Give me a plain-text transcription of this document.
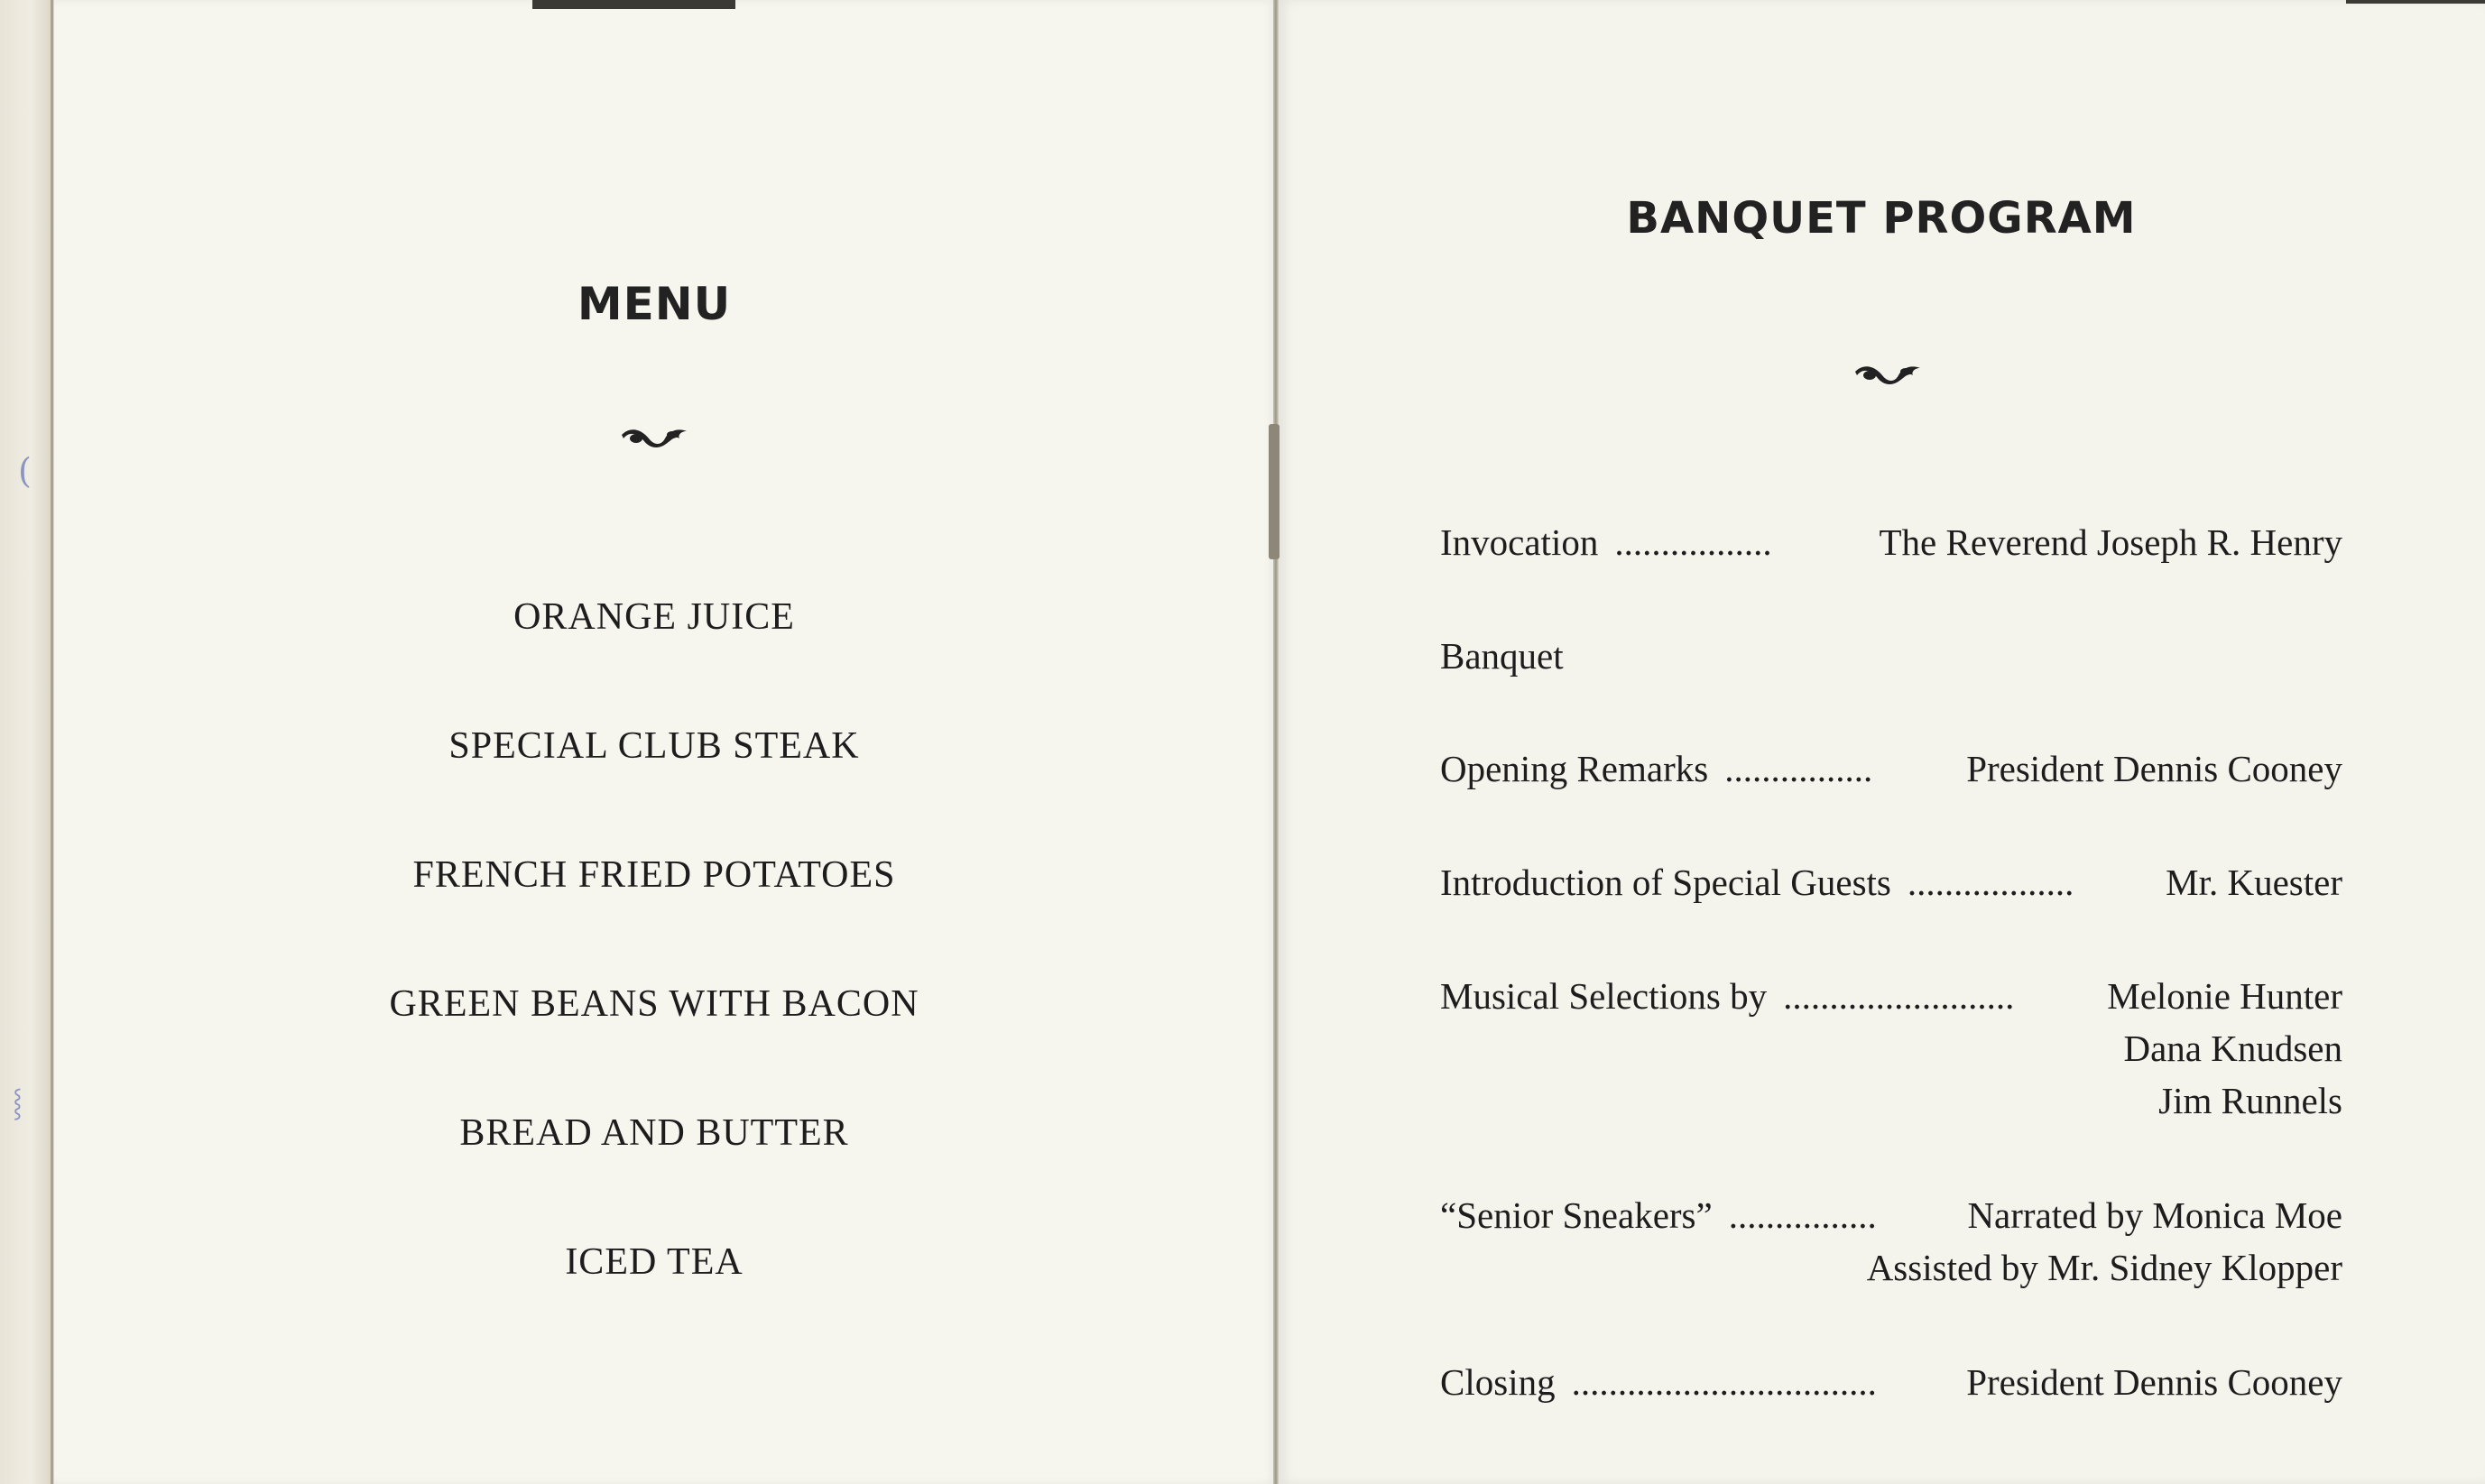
(
⸾
MENU
ORANGE JUICE
SPECIAL CLUB STEAK
FRENCH FRIED POTATOES
GREEN BEANS WITH BACON
BREAD AND BUTTER
ICED TEA
BANQUET PROGRAM
Invocation .................	The Reverend Joseph R. Henry
Banquet
Opening Remarks ................	President Dennis Cooney
Introduction of Special Guests .................. Mr. Kuester
Musical Selections by .........................	Melonie Hunter
Dana Knudsen
Jim Runnels
“Senior Sneakers” ................ Narrated by Monica Moe
Assisted by Mr. Sidney Klopper
Closing ................................. President Dennis Cooney
